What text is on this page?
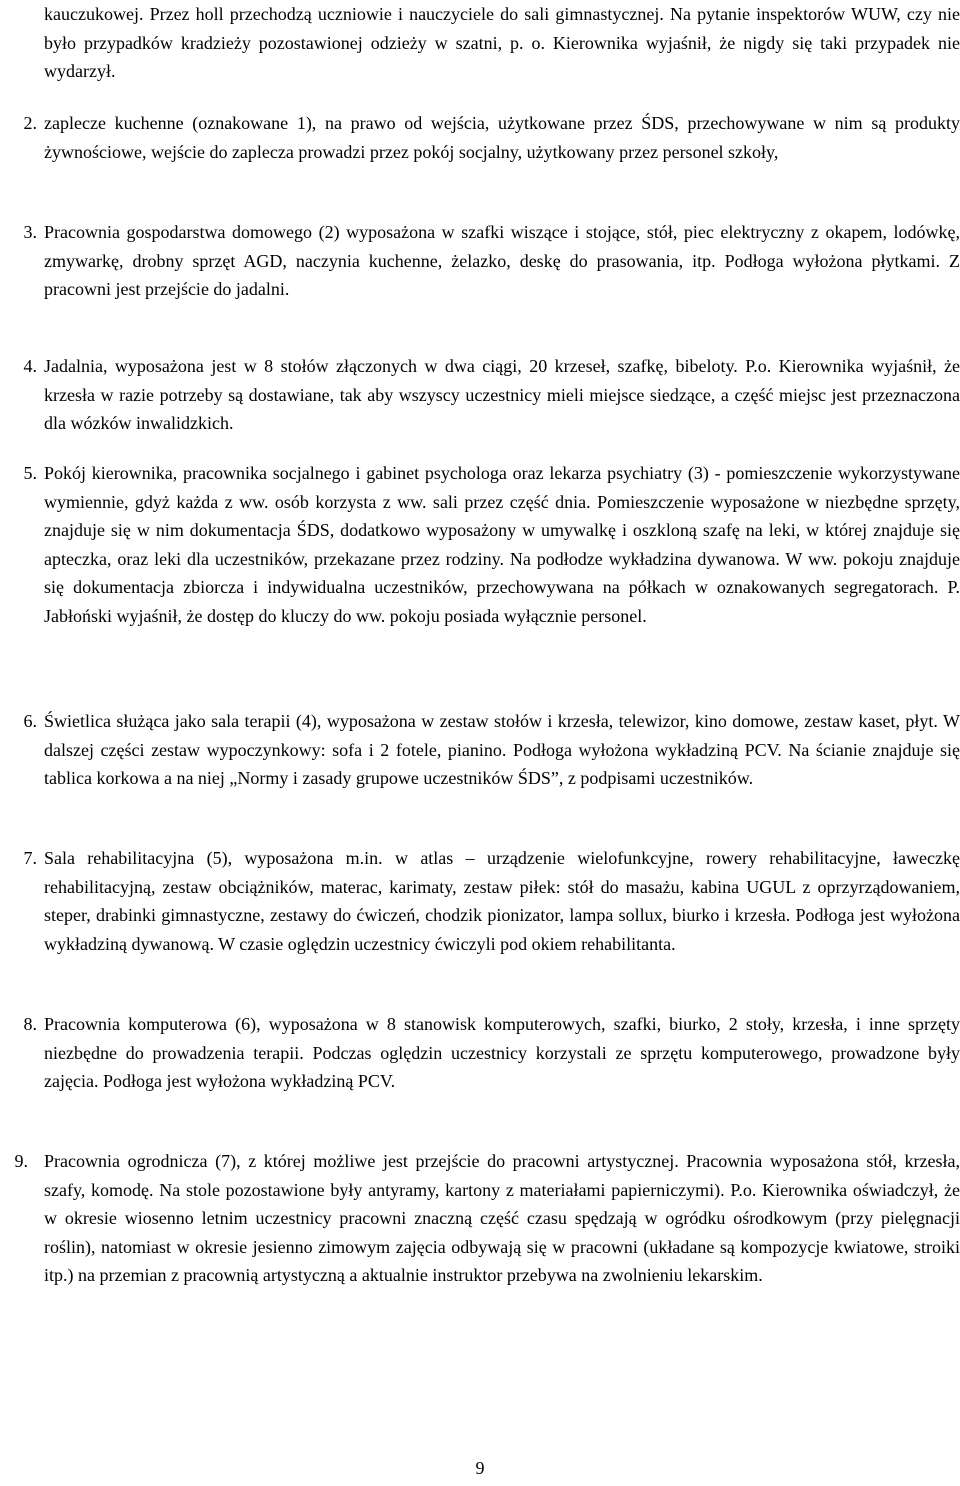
kauczukowej. Przez holl przechodzą uczniowie i nauczyciele do sali gimnastycznej. Na pytanie inspektorów WUW, czy nie było przypadków kradzieży pozostawionej odzieży w szatni, p. o. Kierownika wyjaśnił, że nigdy się taki przypadek nie wydarzył.
2. zaplecze kuchenne (oznakowane 1), na prawo od wejścia, użytkowane przez ŚDS, przechowywane w nim są produkty żywnościowe, wejście do zaplecza prowadzi przez pokój socjalny, użytkowany przez personel szkoły,
3. Pracownia gospodarstwa domowego (2) wyposażona w szafki wiszące i stojące, stół, piec elektryczny z okapem, lodówkę, zmywarkę, drobny sprzęt AGD, naczynia kuchenne, żelazko, deskę do prasowania, itp. Podłoga wyłożona płytkami. Z pracowni jest przejście do jadalni.
4. Jadalnia, wyposażona jest w 8 stołów złączonych w dwa ciągi, 20 krzeseł, szafkę, bibeloty. P.o. Kierownika wyjaśnił, że krzesła w razie potrzeby są dostawiane, tak aby wszyscy uczestnicy mieli miejsce siedzące, a część miejsc jest przeznaczona dla wózków inwalidzkich.
5. Pokój kierownika, pracownika socjalnego i gabinet psychologa oraz lekarza psychiatry (3) - pomieszczenie wykorzystywane wymiennie, gdyż każda z ww. osób korzysta z ww. sali przez część dnia. Pomieszczenie wyposażone w niezbędne sprzęty, znajduje się w nim dokumentacja ŚDS, dodatkowo wyposażony w umywalkę i oszkloną szafę na leki, w której znajduje się apteczka, oraz leki dla uczestników, przekazane przez rodziny. Na podłodze wykładzina dywanowa. W ww. pokoju znajduje się dokumentacja zbiorcza i indywidualna uczestników, przechowywana na półkach w oznakowanych segregatorach. P. Jabłoński wyjaśnił, że dostęp do kluczy do ww. pokoju posiada wyłącznie personel.
6. Świetlica służąca jako sala terapii (4), wyposażona w zestaw stołów i krzesła, telewizor, kino domowe, zestaw kaset, płyt. W dalszej części zestaw wypoczynkowy: sofa i 2 fotele, pianino. Podłoga wyłożona wykładziną PCV. Na ścianie znajduje się tablica korkowa a na niej „Normy i zasady grupowe uczestników ŚDS”, z podpisami uczestników.
7. Sala rehabilitacyjna (5), wyposażona m.in. w atlas – urządzenie wielofunkcyjne, rowery rehabilitacyjne, ławeczkę rehabilitacyjną, zestaw obciążników, materac, karimaty, zestaw piłek: stół do masażu, kabina UGUL z oprzyrządowaniem, steper, drabinki gimnastyczne, zestawy do ćwiczeń, chodzik pionizator, lampa sollux, biurko i krzesła. Podłoga jest wyłożona wykładziną dywanową. W czasie oględzin uczestnicy ćwiczyli pod okiem rehabilitanta.
8. Pracownia komputerowa (6), wyposażona w 8 stanowisk komputerowych, szafki, biurko, 2 stoły, krzesła, i inne sprzęty niezbędne do prowadzenia terapii. Podczas oględzin uczestnicy korzystali ze sprzętu komputerowego, prowadzone były zajęcia. Podłoga jest wyłożona wykładziną PCV.
9. Pracownia ogrodnicza (7), z której możliwe jest przejście do pracowni artystycznej. Pracownia wyposażona stół, krzesła, szafy, komodę. Na stole pozostawione były antyramy, kartony z materiałami papierniczymi). P.o. Kierownika oświadczył, że w okresie wiosenno letnim uczestnicy pracowni znaczną część czasu spędzają w ogródku ośrodkowym (przy pielęgnacji roślin), natomiast w okresie jesienno zimowym zajęcia odbywają się w pracowni (układane są kompozycje kwiatowe, stroiki itp.) na przemian z pracownią artystyczną a aktualnie instruktor przebywa na zwolnieniu lekarskim.
9
